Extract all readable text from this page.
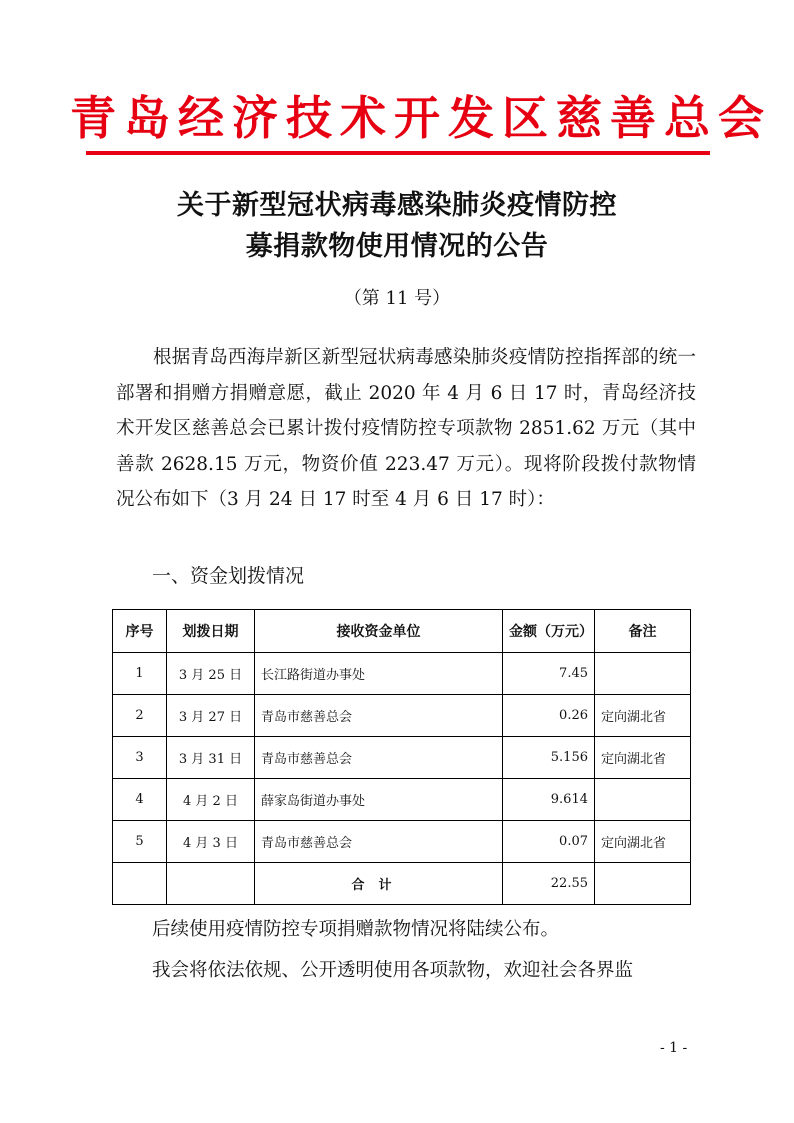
青岛经济技术开发区慈善总会
关于新型冠状病毒感染肺炎疫情防控
募捐款物使用情况的公告
（第 11 号）
根据青岛西海岸新区新型冠状病毒感染肺炎疫情防控指挥部的统一部署和捐赠方捐赠意愿，截止 2020 年 4 月 6 日 17 时，青岛经济技术开发区慈善总会已累计拨付疫情防控专项款物 2851.62 万元（其中善款 2628.15 万元，物资价值 223.47 万元）。现将阶段拨付款物情况公布如下（3 月 24 日 17 时至 4 月 6 日 17 时）：
一、资金划拨情况
序号	划拨日期	接收资金单位	金额（万元）	备注
1	3 月 25 日	长江路街道办事处	7.45	
2	3 月 27 日	青岛市慈善总会	0.26	定向湖北省
3	3 月 31 日	青岛市慈善总会	5.156	定向湖北省
4	4 月 2 日	薛家岛街道办事处	9.614	
5	4 月 3 日	青岛市慈善总会	0.07	定向湖北省
		合计	22.55	
后续使用疫情防控专项捐赠款物情况将陆续公布。
我会将依法依规、公开透明使用各项款物，欢迎社会各界监
- 1 -
